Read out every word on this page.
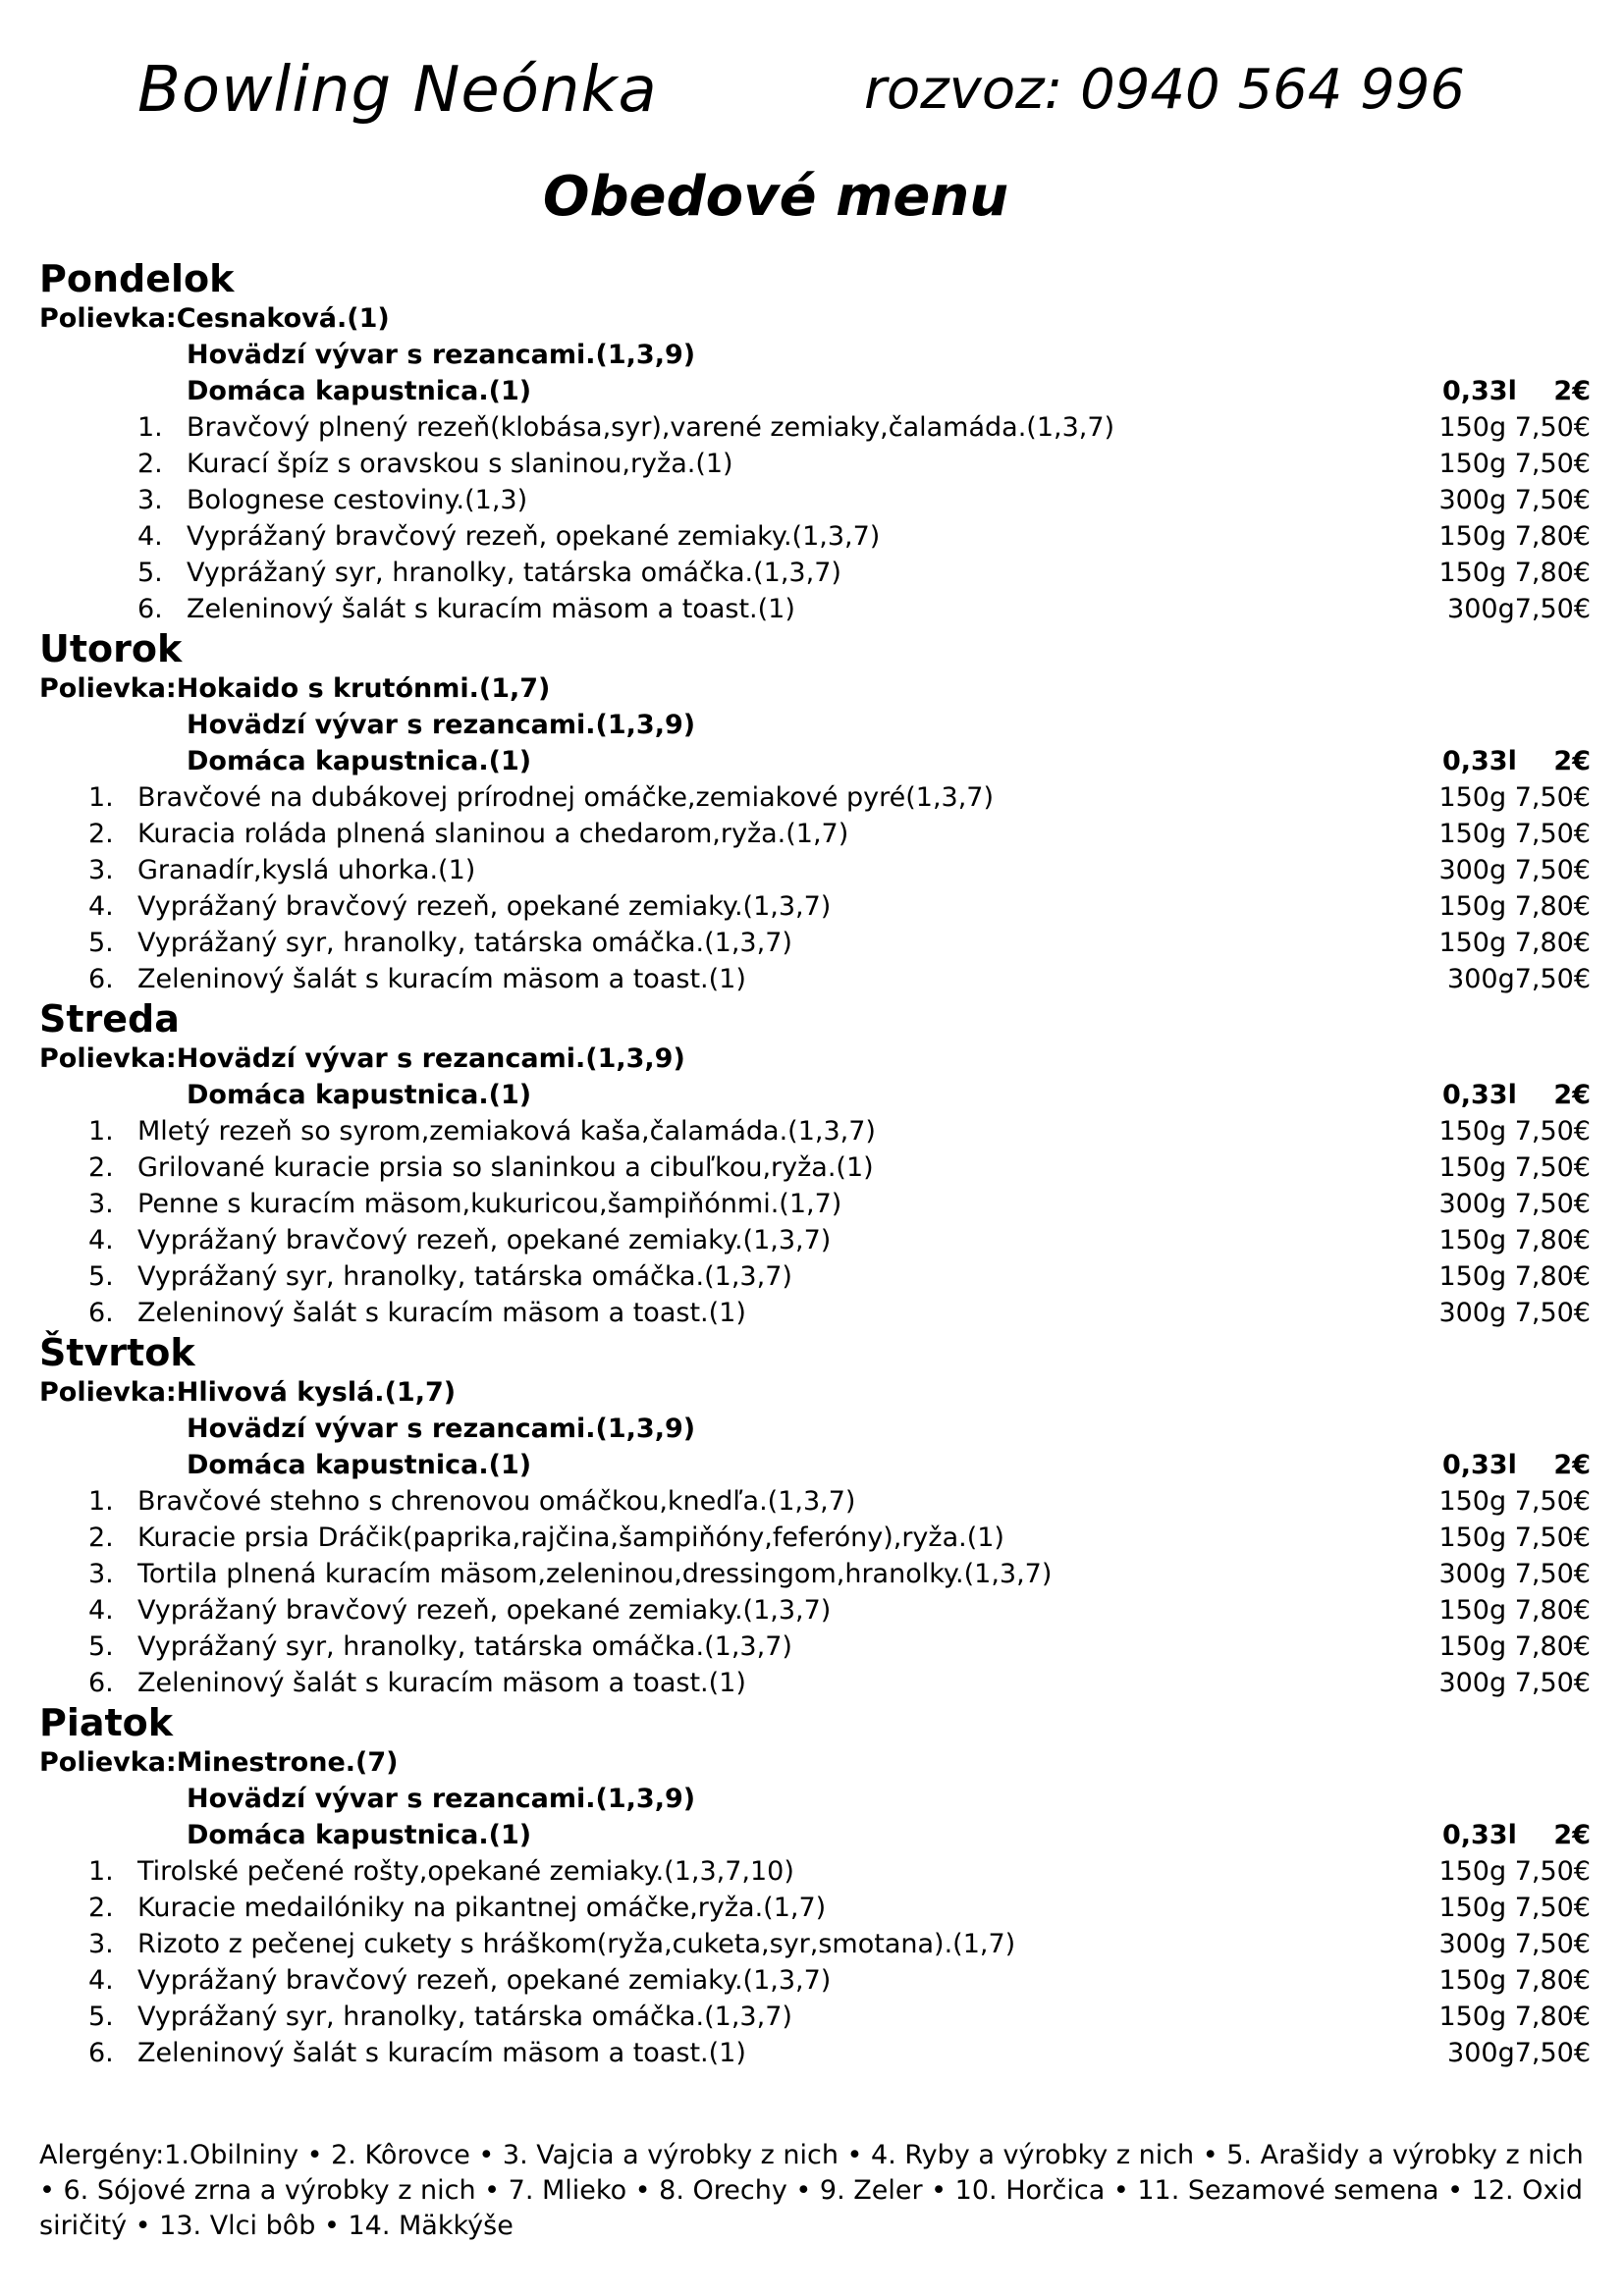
Bowling Neónka	rozvoz: 0940 564 996
Obedové menu
Pondelok
Polievka:Cesnaková.(1)
Hovädzí vývar s rezancami.(1,3,9)
Domáca kapustnica.(1)	0,33l    2€
1. Bravčový plnený rezeň(klobása,syr),varené zemiaky,čalamáda.(1,3,7)	150g 7,50€
2. Kurací špíz s oravskou s slaninou,ryža.(1)	150g 7,50€
3. Bolognese cestoviny.(1,3)	300g 7,50€
4. Vyprážaný bravčový rezeň, opekané zemiaky.(1,3,7)	150g 7,80€
5. Vyprážaný syr, hranolky, tatárska omáčka.(1,3,7)	150g 7,80€
6. Zeleninový šalát s kuracím mäsom a toast.(1)	300g7,50€
Utorok
Polievka:Hokaido s krutónmi.(1,7)
Hovädzí vývar s rezancami.(1,3,9)
Domáca kapustnica.(1)	0,33l    2€
1. Bravčové na dubákovej prírodnej omáčke,zemiakové pyré(1,3,7)	150g 7,50€
2. Kuracia roláda plnená slaninou a chedarom,ryža.(1,7)	150g 7,50€
3. Granadír,kyslá uhorka.(1)	300g 7,50€
4. Vyprážaný bravčový rezeň, opekané zemiaky.(1,3,7)	150g 7,80€
5. Vyprážaný syr, hranolky, tatárska omáčka.(1,3,7)	150g 7,80€
6. Zeleninový šalát s kuracím mäsom a toast.(1)	300g7,50€
Streda
Polievka:Hovädzí vývar s rezancami.(1,3,9)
Domáca kapustnica.(1)	0,33l    2€
1. Mletý rezeň so syrom,zemiaková kaša,čalamáda.(1,3,7)	150g 7,50€
2. Grilované kuracie prsia so slaninkou a cibuľkou,ryža.(1)	150g 7,50€
3. Penne s kuracím mäsom,kukuricou,šampiňónmi.(1,7)	300g 7,50€
4. Vyprážaný bravčový rezeň, opekané zemiaky.(1,3,7)	150g 7,80€
5. Vyprážaný syr, hranolky, tatárska omáčka.(1,3,7)	150g 7,80€
6. Zeleninový šalát s kuracím mäsom a toast.(1)	300g 7,50€
Štvrtok
Polievka:Hlivová kyslá.(1,7)
Hovädzí vývar s rezancami.(1,3,9)
Domáca kapustnica.(1)	0,33l    2€
1. Bravčové stehno s chrenovou omáčkou,knedľa.(1,3,7)	150g 7,50€
2. Kuracie prsia Dráčik(paprika,rajčina,šampiňóny,feferóny),ryža.(1)	150g 7,50€
3. Tortila plnená kuracím mäsom,zeleninou,dressingom,hranolky.(1,3,7)	300g 7,50€
4. Vyprážaný bravčový rezeň, opekané zemiaky.(1,3,7)	150g 7,80€
5. Vyprážaný syr, hranolky, tatárska omáčka.(1,3,7)	150g 7,80€
6. Zeleninový šalát s kuracím mäsom a toast.(1)	300g 7,50€
Piatok
Polievka:Minestrone.(7)
Hovädzí vývar s rezancami.(1,3,9)
Domáca kapustnica.(1)	0,33l    2€
1. Tirolské pečené rošty,opekané zemiaky.(1,3,7,10)	150g 7,50€
2. Kuracie medailóniky na pikantnej omáčke,ryža.(1,7)	150g 7,50€
3. Rizoto z pečenej cukety s hráškom(ryža,cuketa,syr,smotana).(1,7)	300g 7,50€
4. Vyprážaný bravčový rezeň, opekané zemiaky.(1,3,7)	150g 7,80€
5. Vyprážaný syr, hranolky, tatárska omáčka.(1,3,7)	150g 7,80€
6. Zeleninový šalát s kuracím mäsom a toast.(1)	300g7,50€
Alergény:1.Obilniny • 2. Kôrovce • 3. Vajcia a výrobky z nich • 4. Ryby a výrobky z nich • 5. Arašidy a výrobky z nich • 6. Sójové zrna a výrobky z nich • 7. Mlieko • 8. Orechy • 9. Zeler • 10. Horčica • 11. Sezamové semena • 12. Oxid siričitý • 13. Vlci bôb • 14. Mäkkýše
